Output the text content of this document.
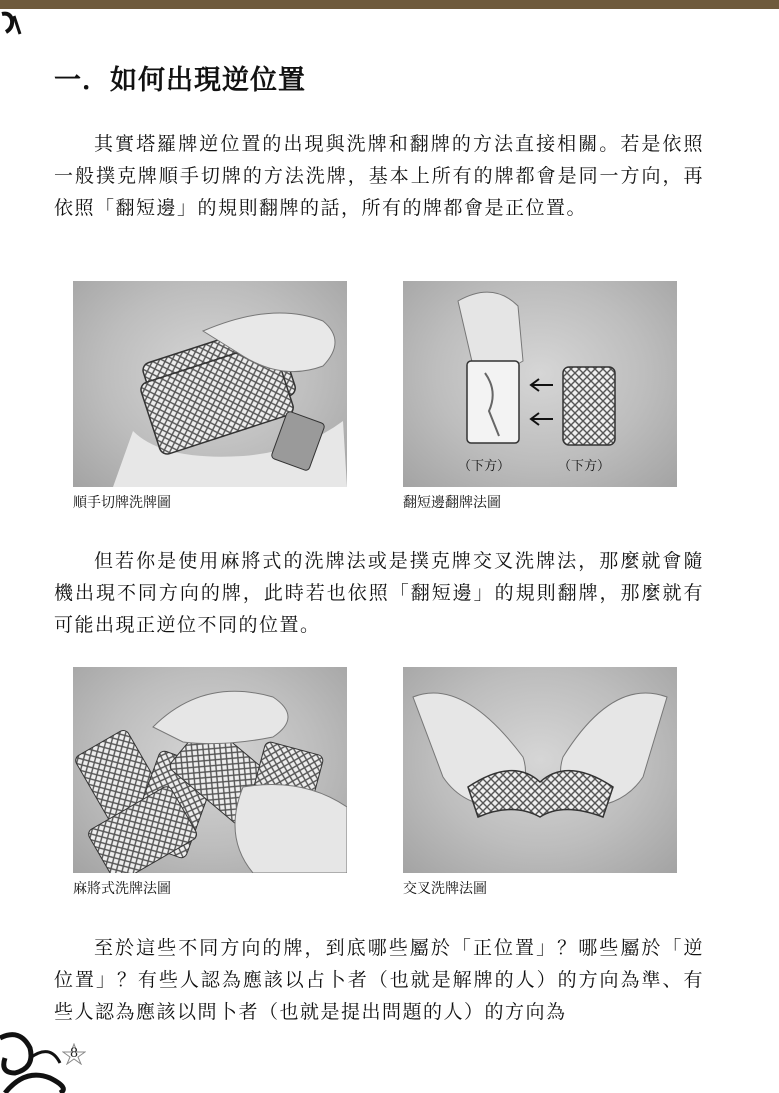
一．如何出現逆位置

其實塔羅牌逆位置的出現與洗牌和翻牌的方法直接相關。若是依照一般撲克牌順手切牌的方法洗牌，基本上所有的牌都會是同一方向，再依照「翻短邊」的規則翻牌的話，所有的牌都會是正位置。

順手切牌洗牌圖
（下方）	（下方）
翻短邊翻牌法圖

但若你是使用麻將式的洗牌法或是撲克牌交叉洗牌法，那麼就會隨機出現不同方向的牌，此時若也依照「翻短邊」的規則翻牌，那麼就有可能出現正逆位不同的位置。

麻將式洗牌法圖	交叉洗牌法圖

至於這些不同方向的牌，到底哪些屬於「正位置」？哪些屬於「逆位置」？有些人認為應該以占卜者（也就是解牌的人）的方向為準、有些人認為應該以問卜者（也就是提出問題的人）的方向為

8
